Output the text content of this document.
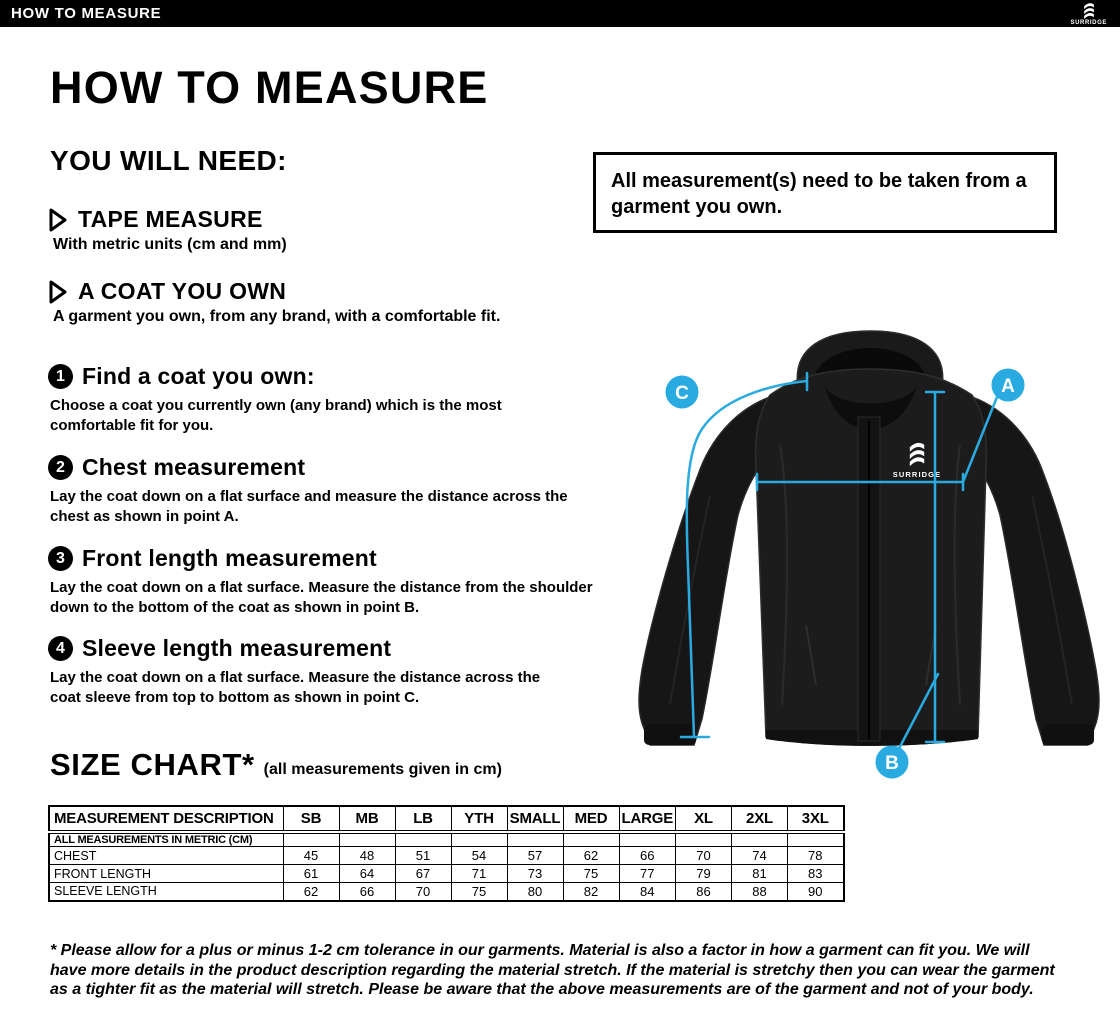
HOW TO MEASURE
SURRIDGE
HOW TO MEASURE
YOU WILL NEED:
TAPE MEASURE
With metric units (cm and mm)
A COAT YOU OWN
A garment you own, from any brand, with a comfortable fit.
1 Find a coat you own:
Choose a coat you currently own (any brand) which is the most comfortable fit for you.
2 Chest measurement
Lay the coat down on a flat surface and measure the distance across the chest as shown in point A.
3 Front length measurement
Lay the coat down on a flat surface. Measure the distance from the shoulder down to the bottom of the coat as shown in point B.
4 Sleeve length measurement
Lay the coat down on a flat surface. Measure the distance across the coat sleeve from top to bottom as shown in point C.
All measurement(s) need to be taken from a garment you own.
SURRIDGE
A
B
C
SIZE CHART* (all measurements given in cm)
MEASUREMENT DESCRIPTION	SB	MB	LB	YTH	SMALL	MED	LARGE	XL	2XL	3XL
ALL MEASUREMENTS IN METRIC (CM)										
CHEST	45	48	51	54	57	62	66	70	74	78
FRONT LENGTH	61	64	67	71	73	75	77	79	81	83
SLEEVE LENGTH	62	66	70	75	80	82	84	86	88	90
* Please allow for a plus or minus 1-2 cm tolerance in our garments. Material is also a factor in how a garment can fit you. We will have more details in the product description regarding the material stretch. If the material is stretchy then you can wear the garment as a tighter fit as the material will stretch. Please be aware that the above measurements are of the garment and not of your body.
